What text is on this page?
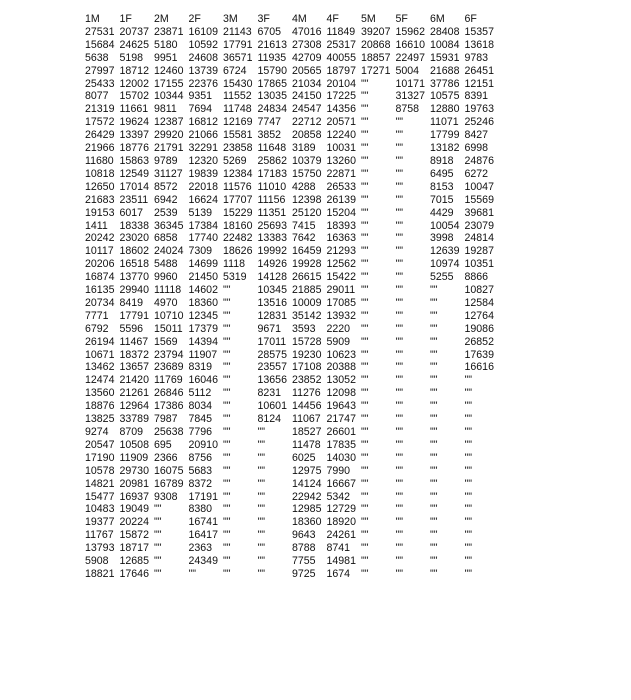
1M	1F	2M	2F	3M	3F	4M	4F	5M	5F	6M	6F
27531	20737	23871	16109	21143	6705	47016	11849	39207	15962	28408	15357
15684	24625	5180	10592	17791	21613	27308	25317	20868	16610	10084	13618
5638	5198	9951	24608	36571	11935	42709	40055	18857	22497	15931	9783
27997	18712	12460	13739	6724	15790	20565	18797	17271	5004	21688	26451
25433	12002	17155	22376	15430	17865	21034	20104	""	10171	37786	12151
8077	15702	10344	9351	11552	13035	24150	17225	""	31327	10575	8391
21319	11661	9811	7694	11748	24834	24547	14356	""	8758	12880	19763
17572	19624	12387	16812	12169	7747	22712	20571	""	""	11071	25246
26429	13397	29920	21066	15581	3852	20858	12240	""	""	17799	8427
21966	18776	21791	32291	23858	11648	3189	10031	""	""	13182	6998
11680	15863	9789	12320	5269	25862	10379	13260	""	""	8918	24876
10818	12549	31127	19839	12384	17183	15750	22871	""	""	6495	6272
12650	17014	8572	22018	11576	11010	4288	26533	""	""	8153	10047
21683	23511	6942	16624	17707	11156	12398	26139	""	""	7015	15569
19153	6017	2539	5139	15229	11351	25120	15204	""	""	4429	39681
1411	18338	36345	17384	18160	25693	7415	18393	""	""	10054	23079
20242	23020	6858	17740	22482	13383	7642	16363	""	""	3998	24814
10117	18602	24024	7309	18626	19992	16459	21293	""	""	12639	19287
20206	16518	5488	14699	1118	14926	19928	12562	""	""	10974	10351
16874	13770	9960	21450	5319	14128	26615	15422	""	""	5255	8866
16135	29940	11118	14602	""	10345	21885	29011	""	""	""	10827
20734	8419	4970	18360	""	13516	10009	17085	""	""	""	12584
7771	17791	10710	12345	""	12831	35142	13932	""	""	""	12764
6792	5596	15011	17379	""	9671	3593	2220	""	""	""	19086
26194	11467	1569	14394	""	17011	15728	5909	""	""	""	26852
10671	18372	23794	11907	""	28575	19230	10623	""	""	""	17639
13462	13657	23689	8319	""	23557	17108	20388	""	""	""	16616
12474	21420	11769	16046	""	13656	23852	13052	""	""	""	""
13560	21261	26846	5112	""	8231	11276	12098	""	""	""	""
18876	12964	17386	8034	""	10601	14456	19643	""	""	""	""
13825	33789	7987	7845	""	8124	11067	21747	""	""	""	""
9274	8709	25638	7796	""	""	18527	26601	""	""	""	""
20547	10508	695	20910	""	""	11478	17835	""	""	""	""
17190	11909	2366	8756	""	""	6025	14030	""	""	""	""
10578	29730	16075	5683	""	""	12975	7990	""	""	""	""
14821	20981	16789	8372	""	""	14124	16667	""	""	""	""
15477	16937	9308	17191	""	""	22942	5342	""	""	""	""
10483	19049	""	8380	""	""	12985	12729	""	""	""	""
19377	20224	""	16741	""	""	18360	18920	""	""	""	""
11767	15872	""	16417	""	""	9643	24261	""	""	""	""
13793	18717	""	2363	""	""	8788	8741	""	""	""	""
5908	12685	""	24349	""	""	7755	14981	""	""	""	""
18821	17646	""	""	""	""	9725	1674	""	""	""	""
